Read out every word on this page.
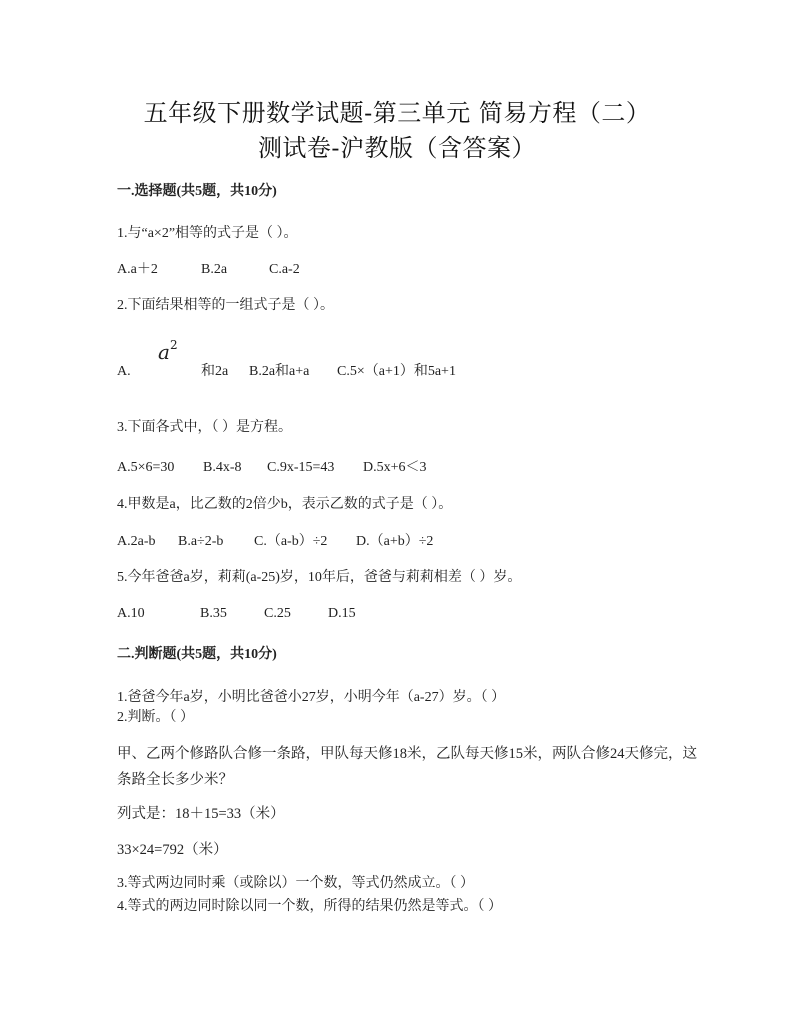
五年级下册数学试题-第三单元 简易方程（二）
测试卷-沪教版（含答案）
一.选择题(共5题，共10分)
1.与“a×2”相等的式子是（ ）。
A.a＋2	B.2a	C.a-2
2.下面结果相等的一组式子是（ ）。
$a^2$
A.	和2a B.2a和a+a C.5×（a+1）和5a+1
3.下面各式中，（ ）是方程。
A.5×6=30 B.4x-8 C.9x-15=43 D.5x+6＜3
4.甲数是a，比乙数的2倍少b，表示乙数的式子是（ ）。
A.2a-b B.a÷2-b C.（a-b）÷2 D.（a+b）÷2
5.今年爸爸a岁，莉莉(a-25)岁，10年后，爸爸与莉莉相差（ ）岁。
A.10	B.35	C.25	D.15
二.判断题(共5题，共10分)
1.爸爸今年a岁，小明比爸爸小27岁，小明今年（a-27）岁。（ ）
2.判断。（ ）
甲、乙两个修路队合修一条路，甲队每天修18米，乙队每天修15米，两队合修24天修完，这条路全长多少米？
列式是：18＋15=33（米）
33×24=792（米）
3.等式两边同时乘（或除以）一个数，等式仍然成立。（ ）
4.等式的两边同时除以同一个数，所得的结果仍然是等式。（ ）
